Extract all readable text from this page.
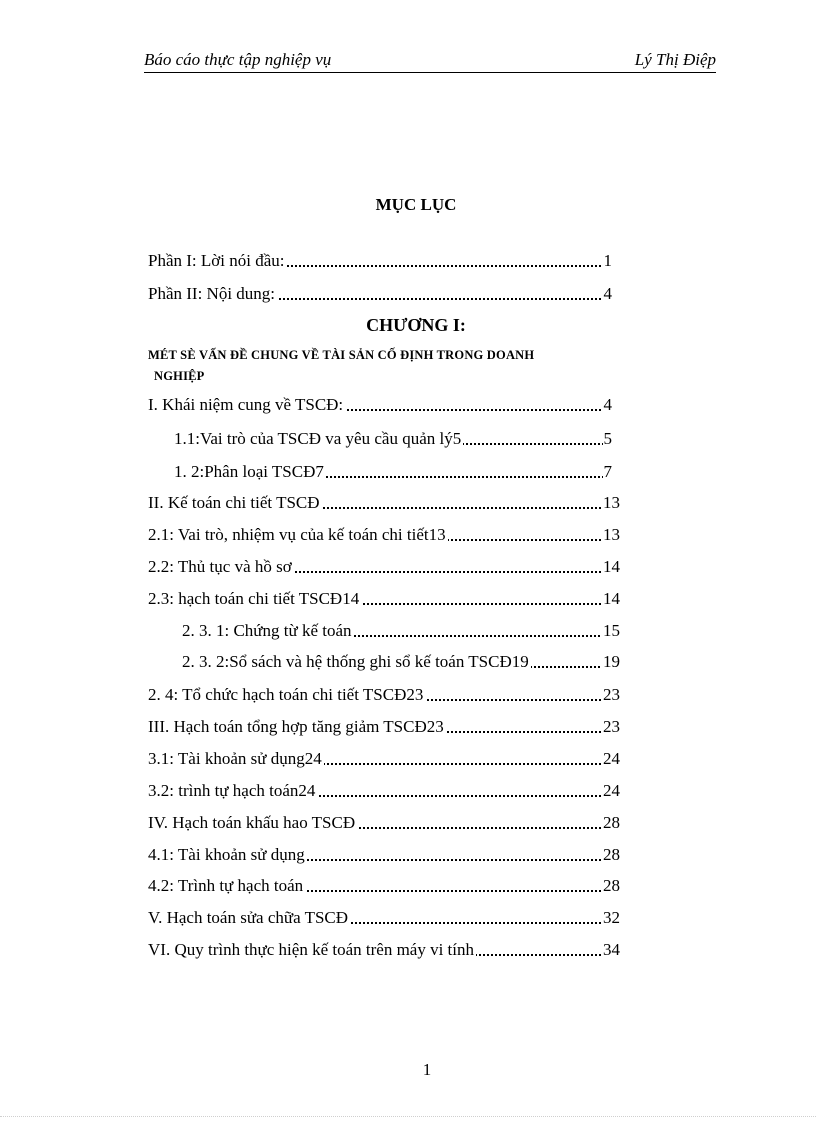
Báo cáo thực tập nghiệp vụ	Lý Thị Điệp
MỤC LỤC
Phần I: Lời nói đầu:	1
Phần II: Nội dung:	4
CHƯƠNG I:
MÉT SÈ VẤN ĐỀ CHUNG VỀ TÀI SẢN CỐ ĐỊNH TRONG DOANH
NGHIỆP
I. Khái niệm cung về TSCĐ:	4
1.1:Vai trò của TSCĐ va yêu cầu quản lý5	5
1. 2:Phân loại TSCĐ7	7
II. Kế toán chi tiết TSCĐ	13
2.1: Vai trò, nhiệm vụ của kế toán chi tiết13	13
2.2: Thủ tục và hồ sơ	14
2.3: hạch toán chi tiết TSCĐ14	14
2. 3. 1: Chứng từ kế toán	15
2. 3. 2:Sổ sách và hệ thống ghi sổ kế toán TSCĐ19	19
2. 4: Tổ chức hạch toán chi tiết TSCĐ23	23
III. Hạch toán tổng hợp tăng giảm TSCĐ23	23
3.1: Tài khoản sử dụng24	24
3.2: trình tự hạch toán24	24
IV. Hạch toán khấu hao TSCĐ	28
4.1: Tài khoản sử dụng	28
4.2: Trình tự hạch toán	28
V. Hạch toán sửa chữa TSCĐ	32
VI. Quy trình thực hiện kế toán trên máy vi tính	34
1
